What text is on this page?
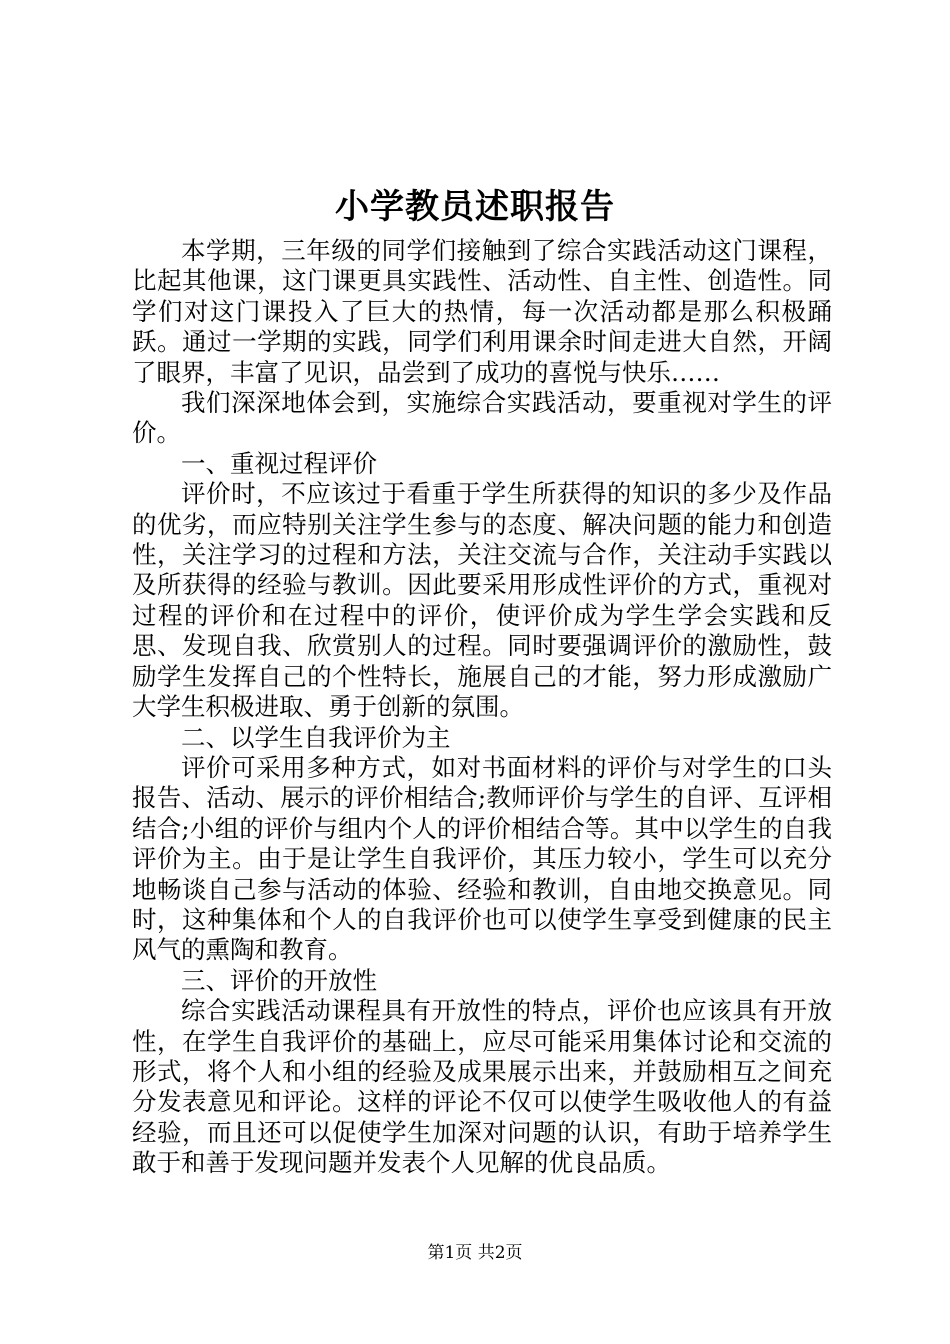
小学教员述职报告

本学期，三年级的同学们接触到了综合实践活动这门课程，比起其他课，这门课更具实践性、活动性、自主性、创造性。同学们对这门课投入了巨大的热情，每一次活动都是那么积极踊跃。通过一学期的实践，同学们利用课余时间走进大自然，开阔了眼界，丰富了见识，品尝到了成功的喜悦与快乐……

我们深深地体会到，实施综合实践活动，要重视对学生的评价。

一、重视过程评价

评价时，不应该过于看重于学生所获得的知识的多少及作品的优劣，而应特别关注学生参与的态度、解决问题的能力和创造性，关注学习的过程和方法，关注交流与合作，关注动手实践以及所获得的经验与教训。因此要采用形成性评价的方式，重视对过程的评价和在过程中的评价，使评价成为学生学会实践和反思、发现自我、欣赏别人的过程。同时要强调评价的激励性，鼓励学生发挥自己的个性特长，施展自己的才能，努力形成激励广大学生积极进取、勇于创新的氛围。

二、以学生自我评价为主

评价可采用多种方式，如对书面材料的评价与对学生的口头报告、活动、展示的评价相结合;教师评价与学生的自评、互评相结合;小组的评价与组内个人的评价相结合等。其中以学生的自我评价为主。由于是让学生自我评价，其压力较小，学生可以充分地畅谈自己参与活动的体验、经验和教训，自由地交换意见。同时，这种集体和个人的自我评价也可以使学生享受到健康的民主风气的熏陶和教育。

三、评价的开放性

综合实践活动课程具有开放性的特点，评价也应该具有开放性，在学生自我评价的基础上，应尽可能采用集体讨论和交流的形式，将个人和小组的经验及成果展示出来，并鼓励相互之间充分发表意见和评论。这样的评论不仅可以使学生吸收他人的有益经验，而且还可以促使学生加深对问题的认识，有助于培养学生敢于和善于发现问题并发表个人见解的优良品质。

第1页 共2页
